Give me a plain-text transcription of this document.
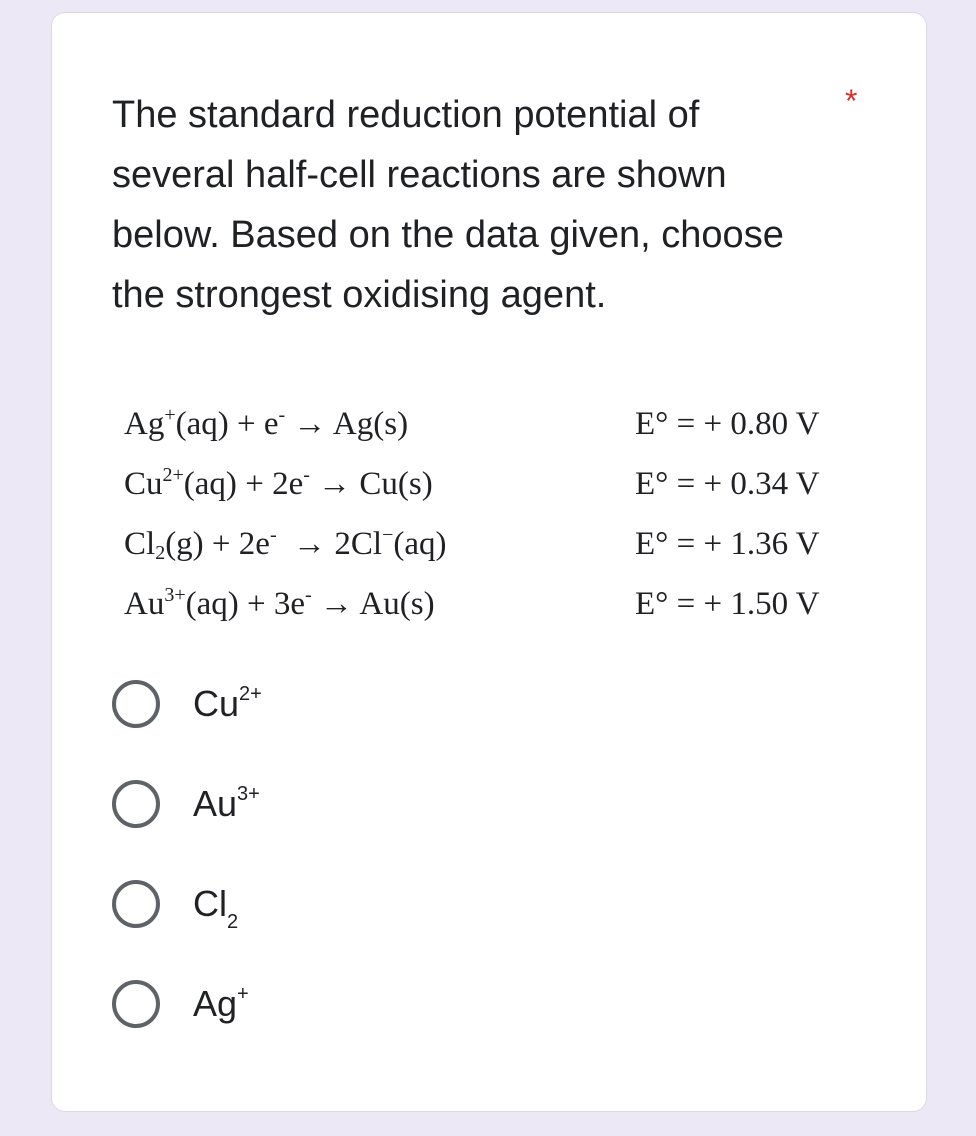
The standard reduction potential of several half-cell reactions are shown below. Based on the data given, choose the strongest oxidising agent.
*
Ag+(aq) + e- → Ag(s)	E° = + 0.80 V
$Cu^{2+}(aq) + 2e^- \to Cu(s)$	E° = + 0.34 V
$Cl_2(g) + 2e^- \to 2Cl^-(aq)$	E° = + 1.36 V
$Au^{3+}(aq) + 3e^- \to Au(s)$	E° = + 1.50 V
$Cu^{2+}$
$Au^{3+}$
$Cl_2$
Ag+
